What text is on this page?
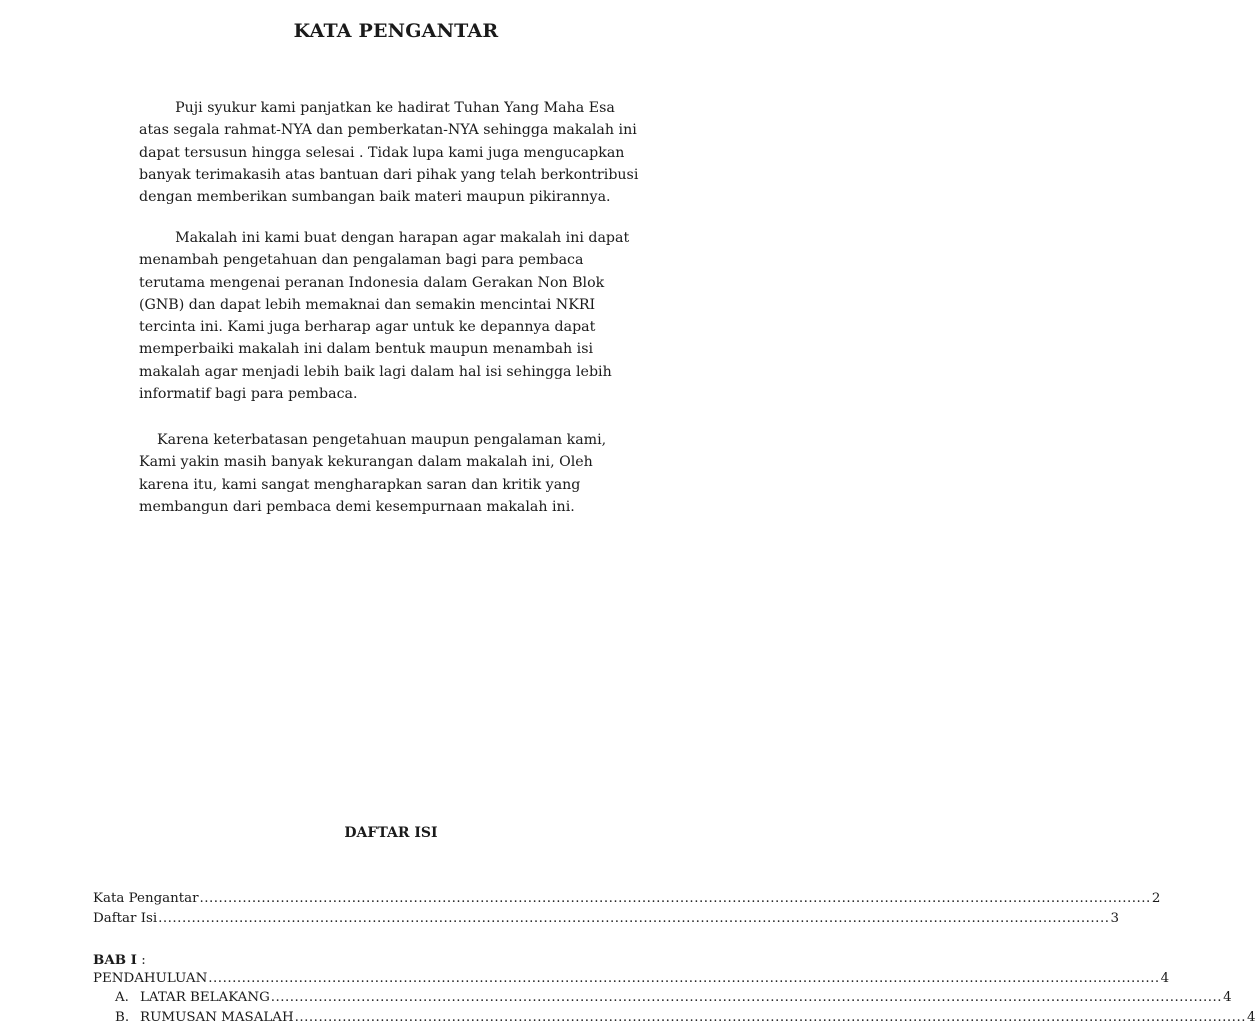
KATA PENGANTAR
Puji syukur kami panjatkan ke hadirat Tuhan Yang Maha Esa
atas segala rahmat-NYA dan pemberkatan-NYA sehingga makalah ini
dapat tersusun hingga selesai . Tidak lupa kami juga mengucapkan
banyak terimakasih atas bantuan dari pihak yang telah berkontribusi
dengan memberikan sumbangan baik materi maupun pikirannya.
Makalah ini kami buat dengan harapan agar makalah ini dapat
menambah pengetahuan dan pengalaman bagi para pembaca
terutama mengenai peranan Indonesia dalam Gerakan Non Blok
(GNB) dan dapat lebih memaknai dan semakin mencintai NKRI
tercinta ini. Kami juga berharap agar untuk ke depannya dapat
memperbaiki makalah ini dalam bentuk maupun menambah isi
makalah agar menjadi lebih baik lagi dalam hal isi sehingga lebih
informatif bagi para pembaca.
Karena keterbatasan pengetahuan maupun pengalaman kami,
Kami yakin masih banyak kekurangan dalam makalah ini, Oleh
karena itu, kami sangat mengharapkan saran dan kritik yang
membangun dari pembaca demi kesempurnaan makalah ini.
DAFTAR ISI
Kata Pengantar ........................................................................................................................................................................................................ 2
Daftar Isi ........................................................................................................................................................................................................ 3
BAB I :
PENDAHULUAN ........................................................................................................................................................................................................ 4
A. LATAR BELAKANG ........................................................................................................................................................................................................ 4
B. RUMUSAN MASALAH ........................................................................................................................................................................................................ 4
